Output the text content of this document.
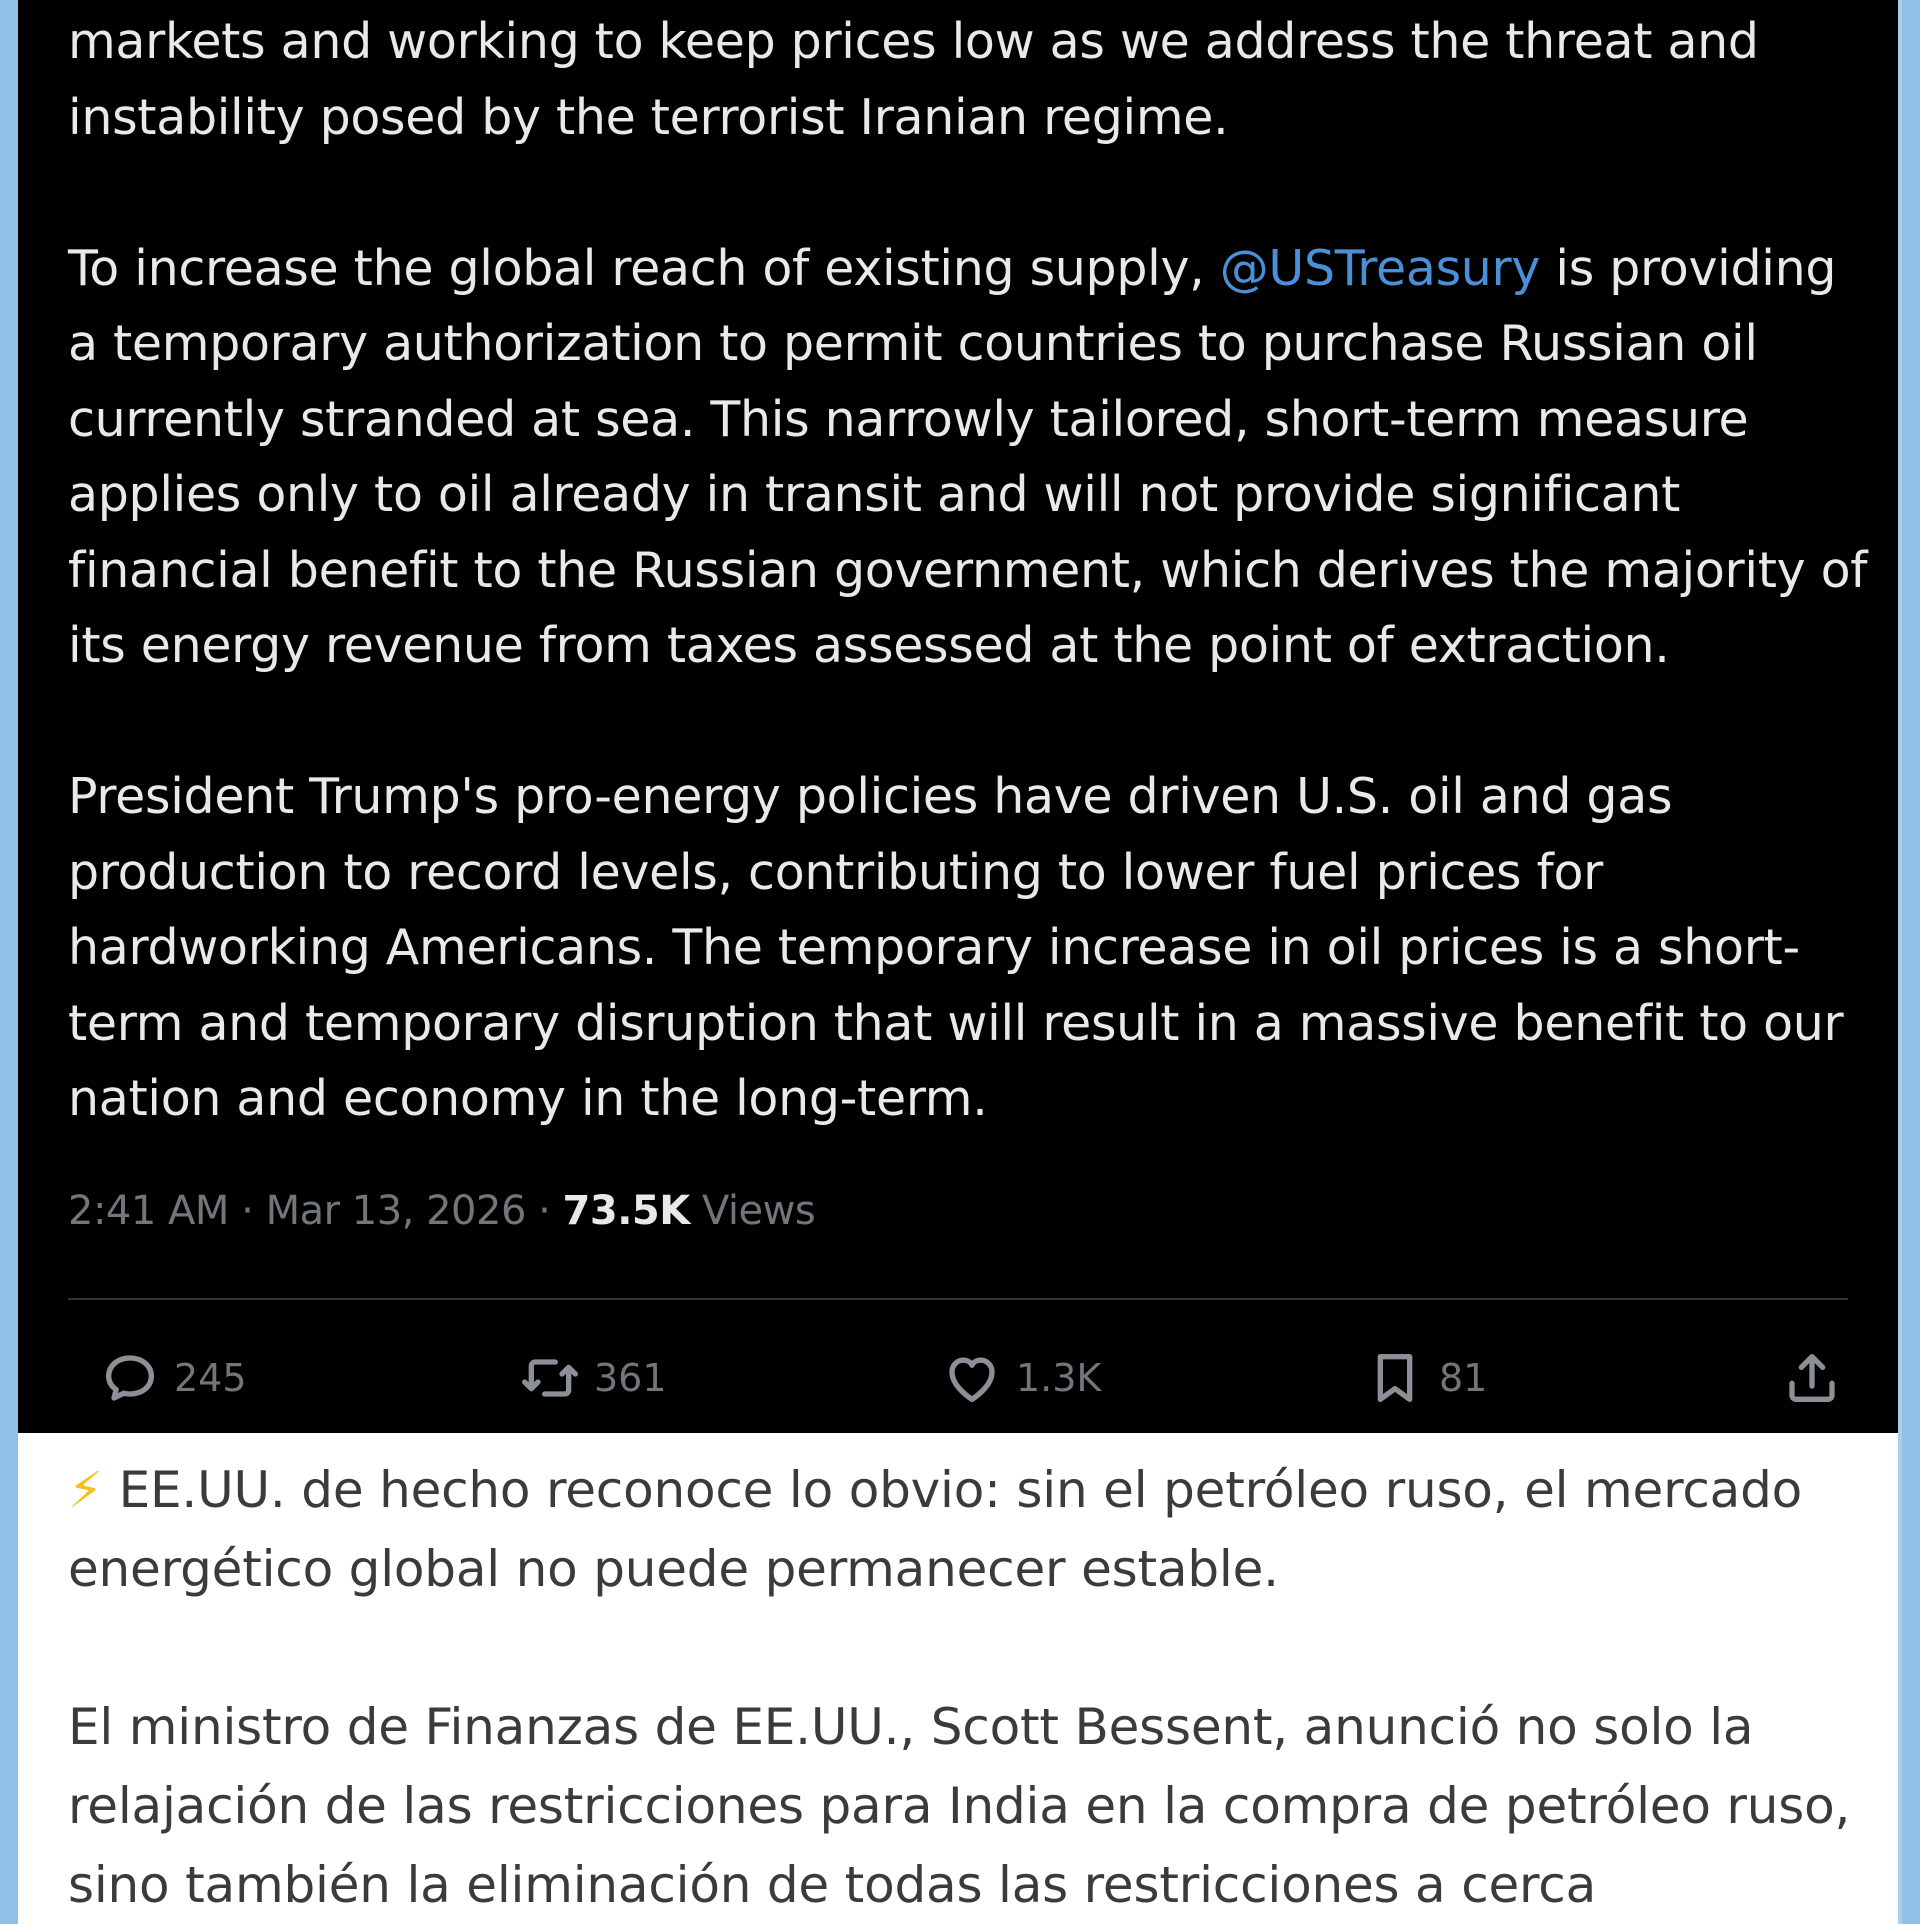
markets and working to keep prices low as we address the threat and instability posed by the terrorist Iranian regime.

To increase the global reach of existing supply, @USTreasury is providing a temporary authorization to permit countries to purchase Russian oil currently stranded at sea. This narrowly tailored, short-term measure applies only to oil already in transit and will not provide significant financial benefit to the Russian government, which derives the majority of its energy revenue from taxes assessed at the point of extraction.

President Trump's pro-energy policies have driven U.S. oil and gas production to record levels, contributing to lower fuel prices for hardworking Americans. The temporary increase in oil prices is a short-term and temporary disruption that will result in a massive benefit to our nation and economy in the long-term.

2:41 AM · Mar 13, 2026 · 73.5K Views
245	361	1.3K	81

⚡ EE.UU. de hecho reconoce lo obvio: sin el petróleo ruso, el mercado energético global no puede permanecer estable.

El ministro de Finanzas de EE.UU., Scott Bessent, anunció no solo la relajación de las restricciones para India en la compra de petróleo ruso, sino también la eliminación de todas las restricciones a cerca
